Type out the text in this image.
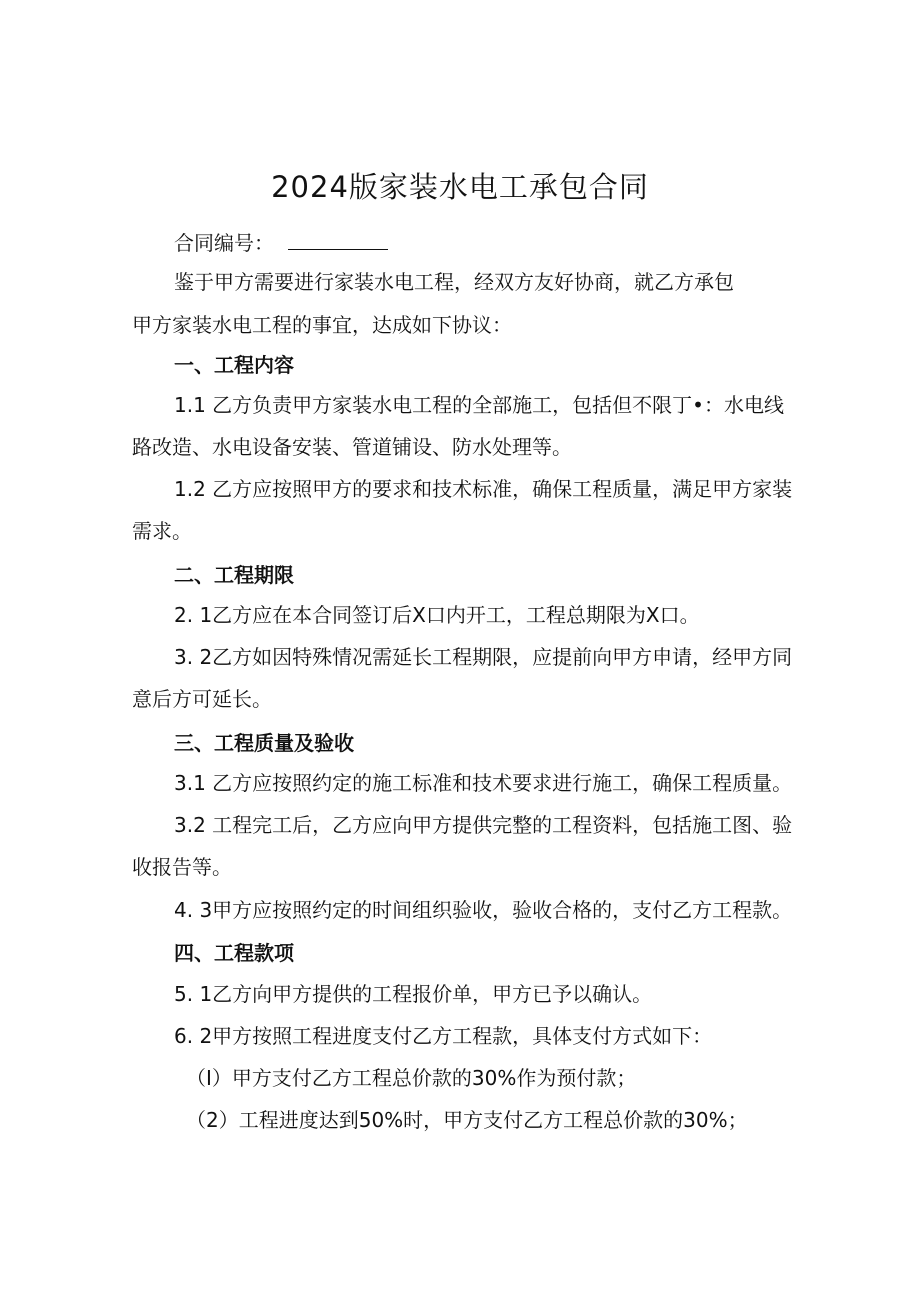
2024版家装水电工承包合同
合同编号：
鉴于甲方需要进行家装水电工程，经双方友好协商，就乙方承包
甲方家装水电工程的事宜，达成如下协议：
一、工程内容
1.1 乙方负责甲方家装水电工程的全部施工，包括但不限丁•：水电线
路改造、水电设备安装、管道铺设、防水处理等。
1.2 乙方应按照甲方的要求和技术标准，确保工程质量，满足甲方家装
需求。
二、工程期限
2. 1乙方应在本合同签订后X口内开工，工程总期限为X口。
3. 2乙方如因特殊情况需延长工程期限，应提前向甲方申请，经甲方同
意后方可延长。
三、工程质量及验收
3.1 乙方应按照约定的施工标准和技术要求进行施工，确保工程质量。
3.2 工程完工后，乙方应向甲方提供完整的工程资料，包括施工图、验
收报告等。
4. 3甲方应按照约定的时间组织验收，验收合格的，支付乙方工程款。
四、工程款项
5. 1乙方向甲方提供的工程报价单，甲方已予以确认。
6. 2甲方按照工程进度支付乙方工程款，具体支付方式如下：
（I）甲方支付乙方工程总价款的30%作为预付款；
（2）工程进度达到50%时，甲方支付乙方工程总价款的30%；
